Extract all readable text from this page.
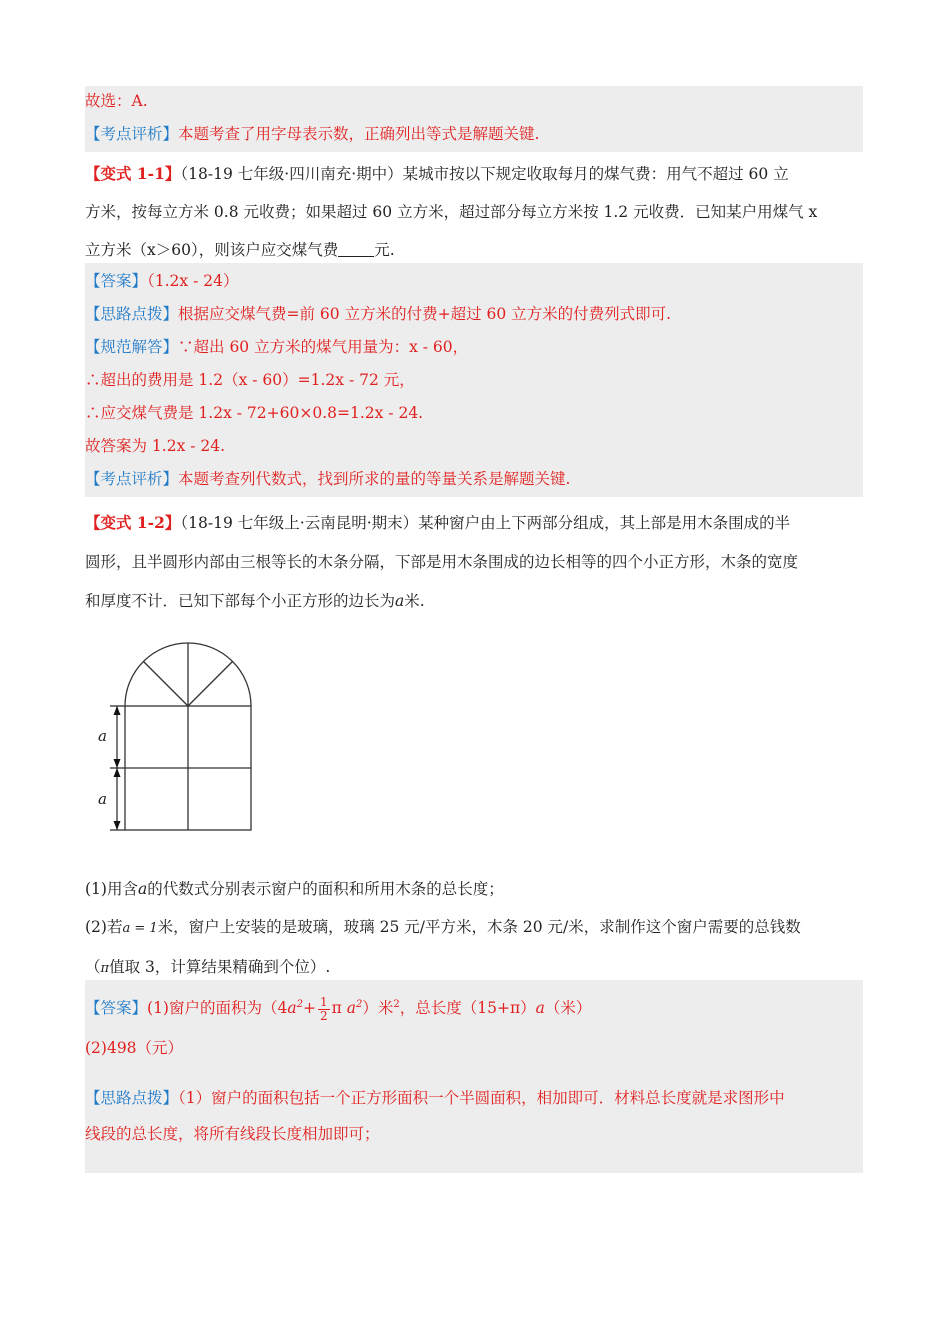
故选：A.
【考点评析】本题考查了用字母表示数，正确列出等式是解题关键.
【变式 1-1】（18-19 七年级·四川南充·期中）某城市按以下规定收取每月的煤气费：用气不超过 60 立
方米，按每立方米 0.8 元收费；如果超过 60 立方米，超过部分每立方米按 1.2 元收费．已知某户用煤气 x
立方米（x＞60），则该户应交煤气费 元.
【答案】（1.2x - 24）
【思路点拨】根据应交煤气费=前 60 立方米的付费+超过 60 立方米的付费列式即可.
【规范解答】∵超出 60 立方米的煤气用量为：x - 60，
∴超出的费用是 1.2（x - 60）=1.2x - 72 元，
∴应交煤气费是 1.2x - 72+60×0.8=1.2x - 24.
故答案为 1.2x - 24.
【考点评析】本题考查列代数式，找到所求的量的等量关系是解题关键.
【变式 1-2】（18-19 七年级上·云南昆明·期末）某种窗户由上下两部分组成，其上部是用木条围成的半
圆形，且半圆形内部由三根等长的木条分隔，下部是用木条围成的边长相等的四个小正方形，木条的宽度
和厚度不计．已知下部每个小正方形的边长为a米.
a
a
(1)用含a的代数式分别表示窗户的面积和所用木条的总长度；
(2)若a = 1米，窗户上安装的是玻璃，玻璃 25 元/平方米，木条 20 元/米，求制作这个窗户需要的总钱数
（π值取 3，计算结果精确到个位）.
【答案】(1)窗户的面积为（$4a^2+ \frac{1}{2}$ π $a^2$）米$^2$，总长度（15+π）a（米）
(2)498（元）
【思路点拨】（1）窗户的面积包括一个正方形面积一个半圆面积，相加即可．材料总长度就是求图形中
线段的总长度，将所有线段长度相加即可；
